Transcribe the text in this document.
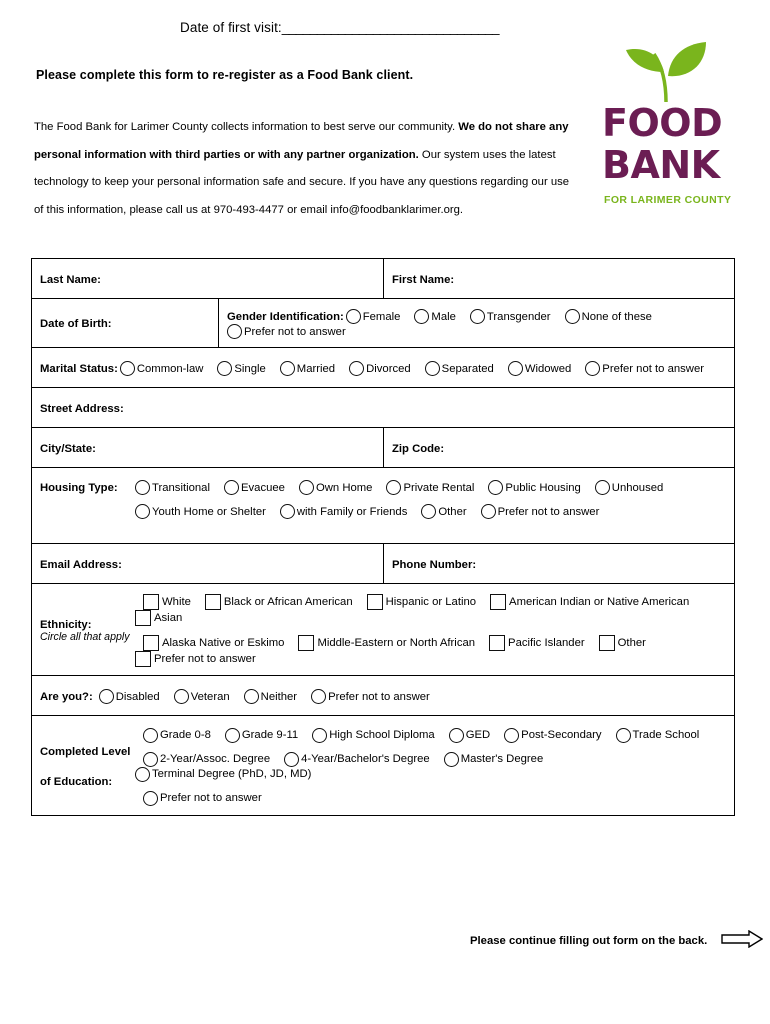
Date of first visit:_______________________________
Please complete this form to re-register as a Food Bank client.
The Food Bank for Larimer County collects information to best serve our community. We do not share any personal information with third parties or with any partner organization. Our system uses the latest technology to keep your personal information safe and secure. If you have any questions regarding our use of this information, please call us at 970-493-4477 or email info@foodbanklarimer.org.
FOOD
BANK
FOR LARIMER COUNTY
Last Name:	First Name:
Date of Birth:
Gender Identification: Female	Male	Transgender	None of these
Prefer not to answer
Marital Status: Common-law	Single	Married	Divorced	Separated	Widowed	Prefer not to answer
Street Address:
City/State:	Zip Code:
Housing Type:	Transitional	Evacuee	Own Home	Private Rental	Public Housing	Unhoused
Youth Home or Shelter	with Family or Friends	Other	Prefer not to answer
Email Address:	Phone Number:
Ethnicity:
Circle all that apply
White	Black or African American	Hispanic or Latino	American Indian or Native American
Asian
Alaska Native or Eskimo	Middle-Eastern or North African	Pacific Islander	Other
Prefer not to answer
Are you?: Disabled	Veteran	Neither	Prefer not to answer
Completed Level
of Education:
Grade 0-8	Grade 9-11	High School Diploma	GED	Post-Secondary	Trade School
2-Year/Assoc. Degree	4-Year/Bachelor's Degree	Master's Degree
Terminal Degree (PhD, JD, MD)
Prefer not to answer
Please continue filling out form on the back.
